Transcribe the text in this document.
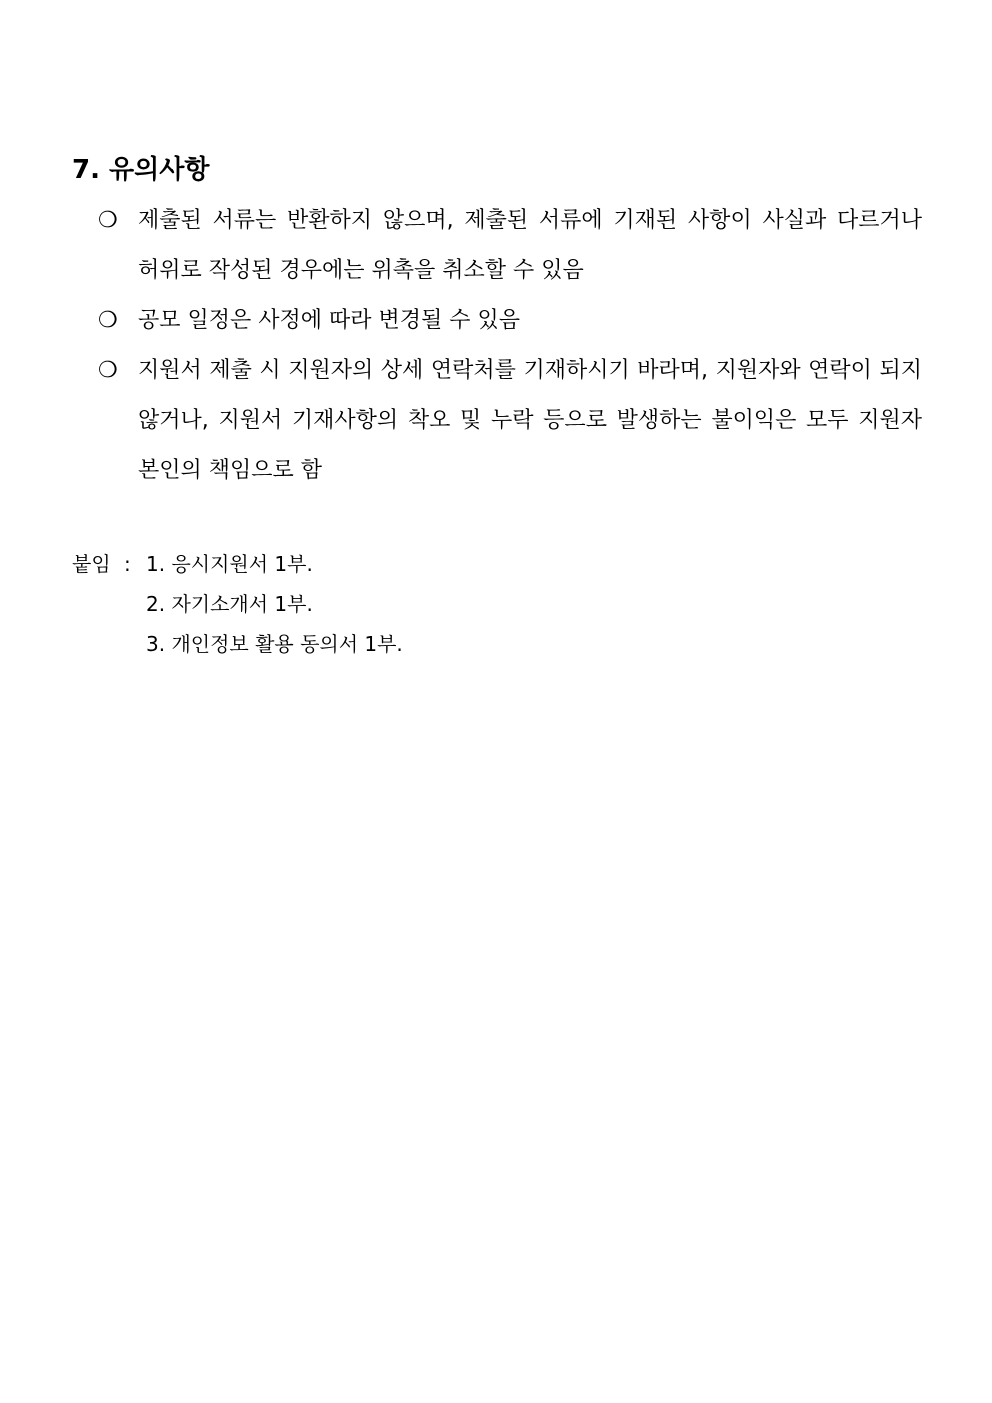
7. 유의사항
❍ 제출된 서류는 반환하지 않으며, 제출된 서류에 기재된 사항이 사실과 다르거나 허위로 작성된 경우에는 위촉을 취소할 수 있음
❍ 공모 일정은 사정에 따라 변경될 수 있음
❍ 지원서 제출 시 지원자의 상세 연락처를 기재하시기 바라며, 지원자와 연락이 되지 않거나, 지원서 기재사항의 착오 및 누락 등으로 발생하는 불이익은 모두 지원자 본인의 책임으로 함
붙임 : 1. 응시지원서 1부.
2. 자기소개서 1부.
3. 개인정보 활용 동의서 1부.
